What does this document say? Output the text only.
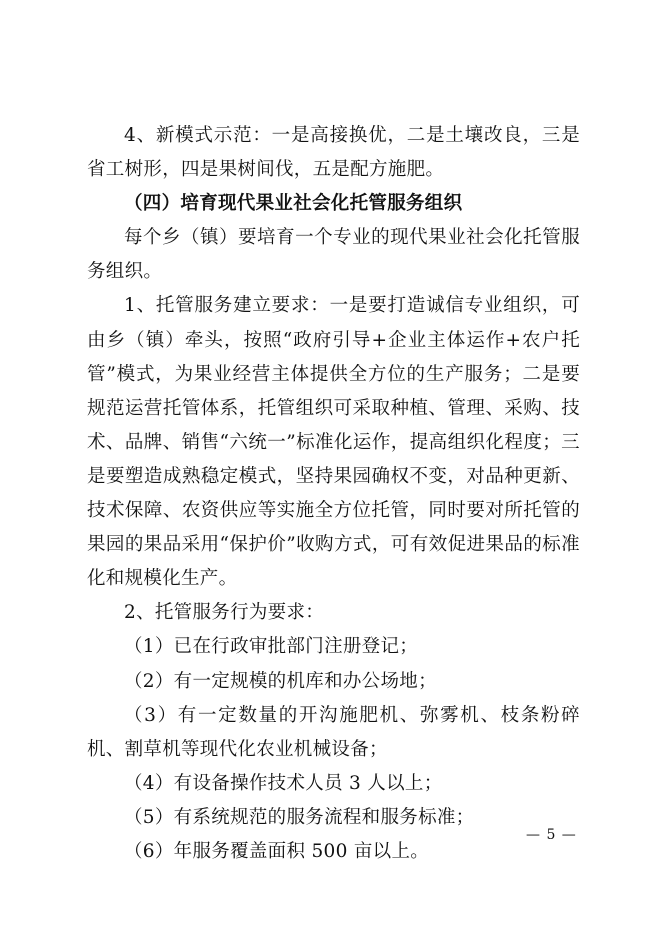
4、新模式示范：一是高接换优，二是土壤改良，三是省工树形，四是果树间伐，五是配方施肥。

（四）培育现代果业社会化托管服务组织

每个乡（镇）要培育一个专业的现代果业社会化托管服务组织。

1、托管服务建立要求：一是要打造诚信专业组织，可由乡（镇）牵头，按照“政府引导+企业主体运作+农户托管”模式，为果业经营主体提供全方位的生产服务；二是要规范运营托管体系，托管组织可采取种植、管理、采购、技术、品牌、销售“六统一”标准化运作，提高组织化程度；三是要塑造成熟稳定模式，坚持果园确权不变，对品种更新、技术保障、农资供应等实施全方位托管，同时要对所托管的果园的果品采用“保护价”收购方式，可有效促进果品的标准化和规模化生产。

2、托管服务行为要求：

（1）已在行政审批部门注册登记；

（2）有一定规模的机库和办公场地；

（3）有一定数量的开沟施肥机、弥雾机、枝条粉碎机、割草机等现代化农业机械设备；

（4）有设备操作技术人员 3 人以上；

（5）有系统规范的服务流程和服务标准；

（6）年服务覆盖面积 500 亩以上。

— 5 —
